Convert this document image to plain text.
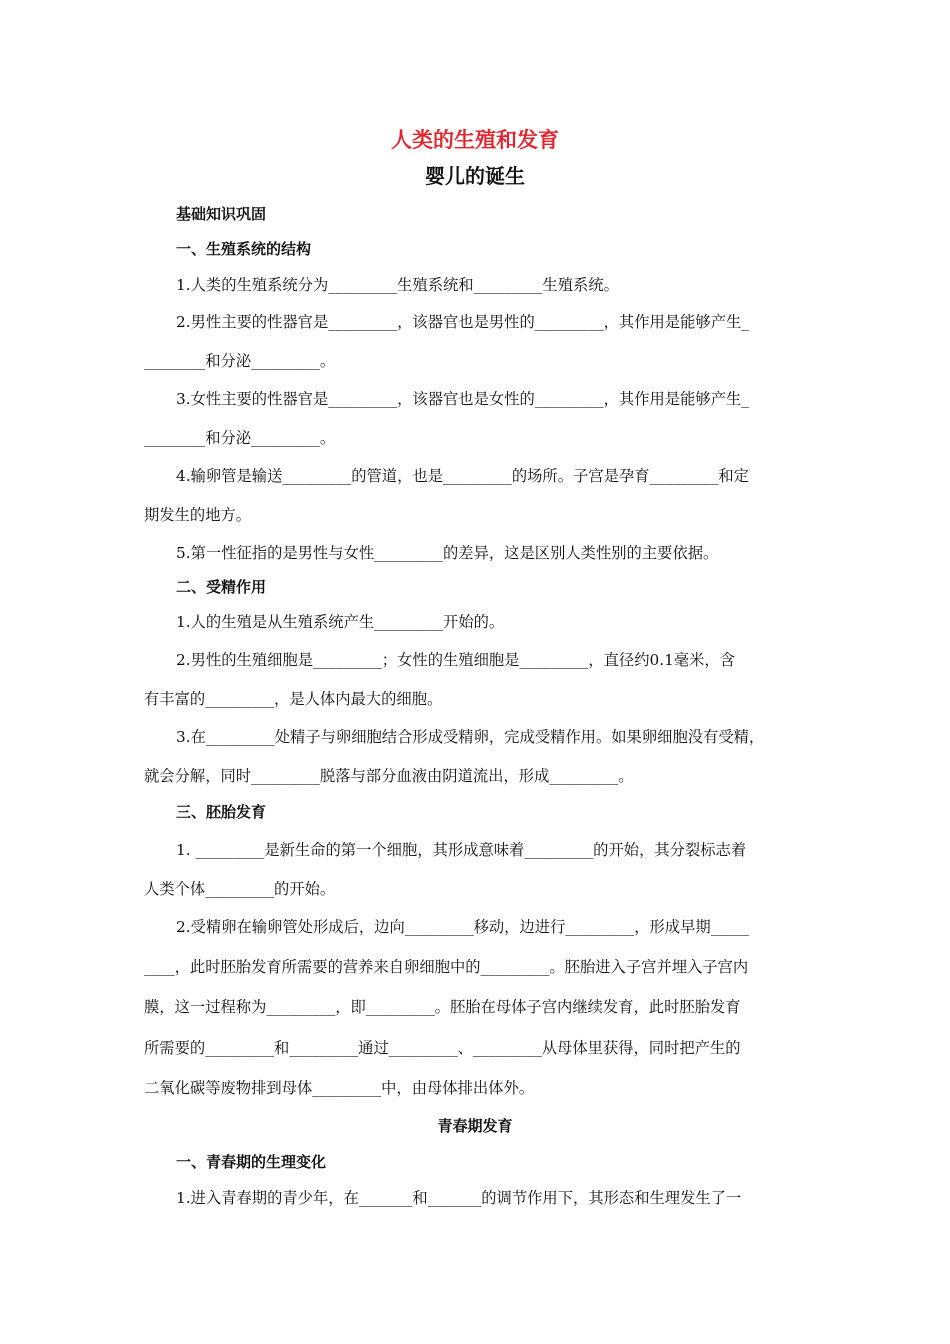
人类的生殖和发育
婴儿的诞生
基础知识巩固
一、生殖系统的结构
1.人类的生殖系统分为_________生殖系统和_________生殖系统。
2.男性主要的性器官是_________，该器官也是男性的_________，其作用是能够产生_
________和分泌_________。
3.女性主要的性器官是_________，该器官也是女性的_________，其作用是能够产生_
________和分泌_________。
4.输卵管是输送_________的管道，也是_________的场所。子宫是孕育_________和定
期发生的地方。
5.第一性征指的是男性与女性_________的差异，这是区别人类性别的主要依据。
二、受精作用
1.人的生殖是从生殖系统产生_________开始的。
2.男性的生殖细胞是_________；女性的生殖细胞是_________，直径约0.1毫米，含
有丰富的_________，是人体内最大的细胞。
3.在_________处精子与卵细胞结合形成受精卵，完成受精作用。如果卵细胞没有受精，
就会分解，同时_________脱落与部分血液由阴道流出，形成_________。
三、胚胎发育
1. _________是新生命的第一个细胞，其形成意味着_________的开始，其分裂标志着
人类个体_________的开始。
2.受精卵在输卵管处形成后，边向_________移动，边进行_________，形成早期_____
____，此时胚胎发育所需要的营养来自卵细胞中的_________。胚胎进入子宫并埋入子宫内
膜，这一过程称为_________，即_________。胚胎在母体子宫内继续发育，此时胚胎发育
所需要的_________和_________通过_________、_________从母体里获得，同时把产生的
二氧化碳等废物排到母体_________中，由母体排出体外。
青春期发育
一、青春期的生理变化
1.进入青春期的青少年，在_______和_______的调节作用下，其形态和生理发生了一
